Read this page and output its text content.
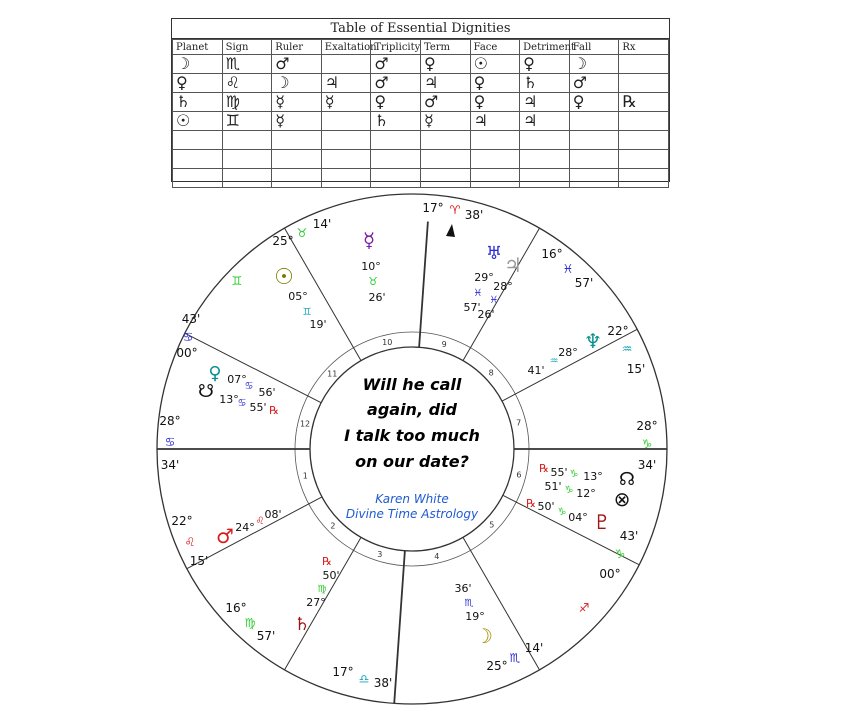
Table of Essential Dignities
Planet	Sign	Ruler	Exaltation	Triplicity	Term	Face	Detriment	Fall	Rx
☽	♏	♂		♂	♀	☉	♀	☽	
♀	♌	☽	♃	♂	♃	♀	♄	♂	
♄	♍	☿	☿	♀	♂	♀	♃	♀	℞
☉	♊	☿		♄	☿	♃	♃		

1
2
3	4
5
6
7
8
9
10
11
12
17° ♈ 38'
16°
♓
57'
22°
♒
15'
28°
♑
34'
43'
♑
00°
♐
14'
♏
25°
17° ♎ 38'
16°
♍
57'
22°
♌
15'
28°
♋
34'
43'
♋
00°
♊
25°
♉
14'
☿
10°
♉
26'
☉
05°
♊
19'
♅ ♃
29°
28°
♓
♓
57'
26'
♆
28°
♒
41'
♀ 07°
♋ 56'
☋ 13°
♋ 55' ℞
℞ 55' ♑ 13° ☊
51' ♑ 12° ⊗
℞ 50' ♑ 04° ♇
♂ 24° ♌
08'
℞
50'
♍
27°
♄
36'
♏
19°
☽
Will he call
again, did
I talk too much
on our date?
Karen White
Divine Time Astrology
